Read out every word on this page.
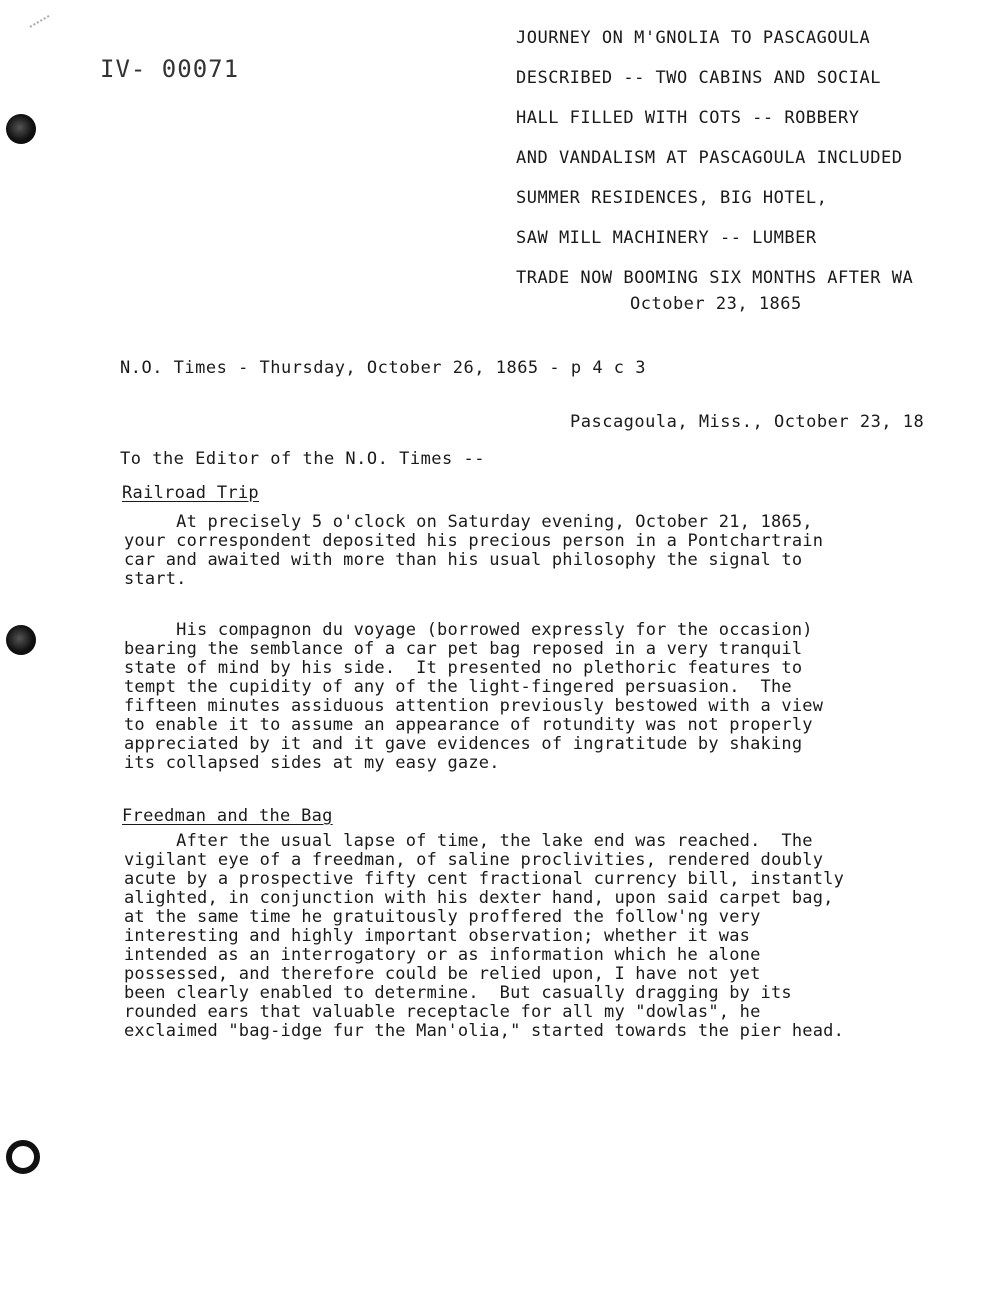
IV- 00071
JOURNEY ON M'GNOLIA TO PASCAGOULA
DESCRIBED -- TWO CABINS AND SOCIAL
HALL FILLED WITH COTS -- ROBBERY
AND VANDALISM AT PASCAGOULA INCLUDED
SUMMER RESIDENCES, BIG HOTEL,
SAW MILL MACHINERY -- LUMBER
TRADE NOW BOOMING SIX MONTHS AFTER WA
October 23, 1865
N.O. Times - Thursday, October 26, 1865 - p 4 c 3
Pascagoula, Miss., October 23, 18
To the Editor of the N.O. Times --
Railroad Trip

At precisely 5 o'clock on Saturday evening, October 21, 1865,
your correspondent deposited his precious person in a Pontchartrain
car and awaited with more than his usual philosophy the signal to
start.

His compagnon du voyage (borrowed expressly for the occasion)
bearing the semblance of a car pet bag reposed in a very tranquil
state of mind by his side.  It presented no plethoric features to
tempt the cupidity of any of the light-fingered persuasion.  The
fifteen minutes assiduous attention previously bestowed with a view
to enable it to assume an appearance of rotundity was not properly
appreciated by it and it gave evidences of ingratitude by shaking
its collapsed sides at my easy gaze.

Freedman and the Bag

After the usual lapse of time, the lake end was reached.  The
vigilant eye of a freedman, of saline proclivities, rendered doubly
acute by a prospective fifty cent fractional currency bill, instantly
alighted, in conjunction with his dexter hand, upon said carpet bag,
at the same time he gratuitously proffered the follow'ng very
interesting and highly important observation; whether it was
intended as an interrogatory or as information which he alone
possessed, and therefore could be relied upon, I have not yet
been clearly enabled to determine.  But casually dragging by its
rounded ears that valuable receptacle for all my "dowlas", he
exclaimed "bag-idge fur the Man'olia," started towards the pier head.
